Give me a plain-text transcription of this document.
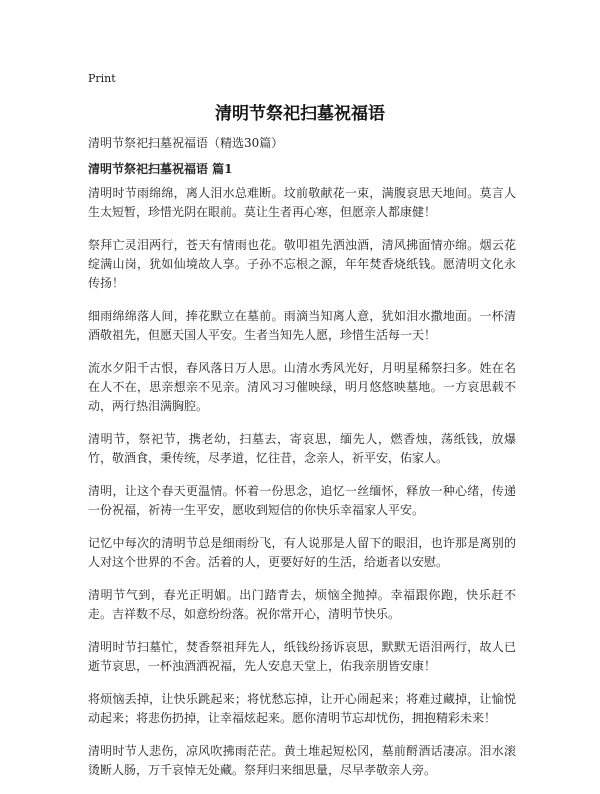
Print
清明节祭祀扫墓祝福语
清明节祭祀扫墓祝福语（精选30篇）
清明节祭祀扫墓祝福语 篇1

清明时节雨绵绵，离人泪水总难断。坟前敬献花一束，满腹哀思天地间。莫言人生太短暂，珍惜光阴在眼前。莫让生者再心寒，但愿亲人都康健！

祭拜亡灵泪两行，苍天有情雨也花。敬叩祖先洒浊酒，清风拂面情亦绵。烟云花绽满山岗，犹如仙境故人享。子孙不忘根之源，年年焚香烧纸钱。愿清明文化永传扬！

细雨绵绵落人间，捧花默立在墓前。雨滴当知离人意，犹如泪水撒地面。一杯清酒敬祖先，但愿天国人平安。生者当知先人愿，珍惜生活每一天！

流水夕阳千古恨，春风落日万人思。山清水秀风光好，月明星稀祭扫多。姓在名在人不在，思亲想亲不见亲。清风习习催映绿，明月悠悠映墓地。一方哀思载不动，两行热泪满胸腔。

清明节，祭祀节，携老幼，扫墓去，寄哀思，缅先人，燃香烛，荡纸钱，放爆竹，敬酒食，秉传统，尽孝道，忆往昔，念亲人，祈平安，佑家人。

清明，让这个春天更温情。怀着一份思念，追忆一丝缅怀，释放一种心绪，传递一份祝福，祈祷一生平安，愿收到短信的你快乐幸福家人平安。

记忆中每次的清明节总是细雨纷飞，有人说那是人留下的眼泪，也许那是离别的人对这个世界的不舍。活着的人，更要好好的生活，给逝者以安慰。

清明节气到，春光正明媚。出门踏青去，烦恼全抛掉。幸福跟你跑，快乐赶不走。吉祥数不尽，如意纷纷落。祝你常开心，清明节快乐。

清明时节扫墓忙，焚香祭祖拜先人，纸钱纷扬诉哀思，默默无语泪两行，故人已逝节哀思，一杯浊酒洒祝福，先人安息天堂上，佑我亲朋皆安康！

将烦恼丢掉，让快乐跳起来；将忧愁忘掉，让开心闹起来；将难过藏掉，让愉悦动起来；将悲伤扔掉，让幸福炫起来。愿你清明节忘却忧伤，拥抱精彩未来！

清明时节人悲伤，凉风吹拂雨茫茫。黄土堆起短松冈，墓前酹酒话凄凉。泪水滚烫断人肠，万千哀悼无处藏。祭拜归来细思量，尽早孝敬亲人旁。
